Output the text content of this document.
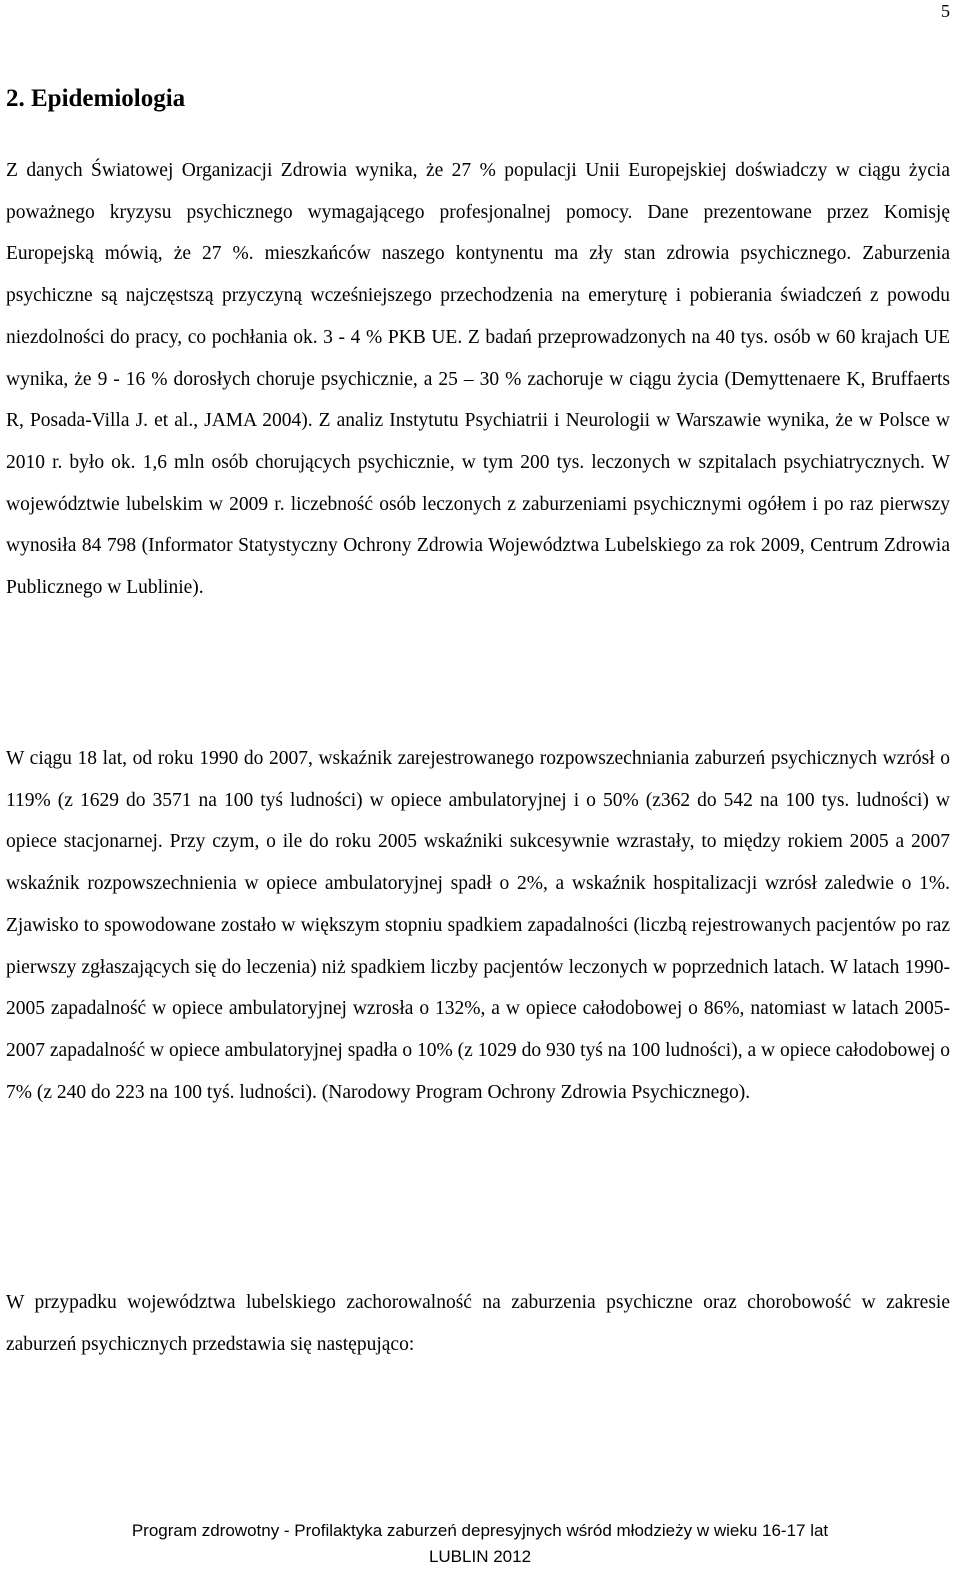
5
2. Epidemiologia

Z danych Światowej Organizacji Zdrowia wynika, że 27 % populacji Unii Europejskiej doświadczy w ciągu życia poważnego kryzysu psychicznego wymagającego profesjonalnej pomocy. Dane prezentowane przez Komisję Europejską mówią, że 27 %. mieszkańców naszego kontynentu ma zły stan zdrowia psychicznego. Zaburzenia psychiczne są najczęstszą przyczyną wcześniejszego przechodzenia na emeryturę i pobierania świadczeń z powodu niezdolności do pracy, co pochłania ok. 3 - 4 % PKB UE. Z badań przeprowadzonych na 40 tys. osób w 60 krajach UE wynika, że 9 - 16 % dorosłych choruje psychicznie, a 25 – 30 % zachoruje w ciągu życia (Demyttenaere K, Bruffaerts R, Posada-Villa J. et al., JAMA 2004). Z analiz Instytutu Psychiatrii i Neurologii w Warszawie wynika, że w Polsce w 2010 r. było ok. 1,6 mln osób chorujących psychicznie, w tym 200 tys. leczonych w szpitalach psychiatrycznych. W województwie lubelskim w 2009 r. liczebność osób leczonych z zaburzeniami psychicznymi ogółem i po raz pierwszy wynosiła 84 798 (Informator Statystyczny Ochrony Zdrowia Województwa Lubelskiego za rok 2009, Centrum Zdrowia Publicznego w Lublinie).

W ciągu 18 lat, od roku 1990 do 2007, wskaźnik zarejestrowanego rozpowszechniania zaburzeń psychicznych wzrósł o 119% (z 1629 do 3571 na 100 tyś ludności) w opiece ambulatoryjnej i o 50% (z362 do 542 na 100 tys. ludności) w opiece stacjonarnej. Przy czym, o ile do roku 2005 wskaźniki sukcesywnie wzrastały, to między rokiem 2005 a 2007 wskaźnik rozpowszechnienia w opiece ambulatoryjnej spadł o 2%, a wskaźnik hospitalizacji wzrósł zaledwie o 1%. Zjawisko to spowodowane zostało w większym stopniu spadkiem zapadalności (liczbą rejestrowanych pacjentów po raz pierwszy zgłaszających się do leczenia) niż spadkiem liczby pacjentów leczonych w poprzednich latach. W latach 1990-2005 zapadalność w opiece ambulatoryjnej wzrosła o 132%, a w opiece całodobowej o 86%, natomiast w latach 2005-2007 zapadalność w opiece ambulatoryjnej spadła o 10% (z 1029 do 930 tyś na 100 ludności), a w opiece całodobowej o 7% (z 240 do 223 na 100 tyś. ludności). (Narodowy Program Ochrony Zdrowia Psychicznego).

W przypadku województwa lubelskiego zachorowalność na zaburzenia psychiczne oraz chorobowość w zakresie zaburzeń psychicznych przedstawia się następująco:

Program zdrowotny - Profilaktyka zaburzeń depresyjnych wśród młodzieży w wieku 16-17 lat
LUBLIN 2012
